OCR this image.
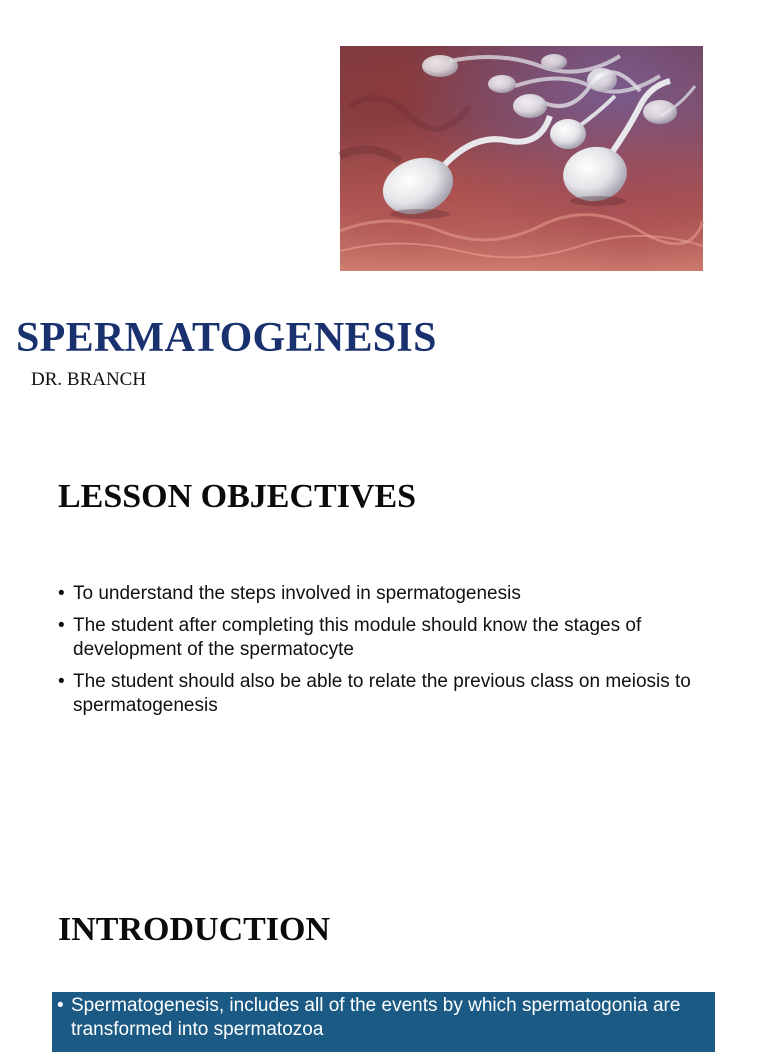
SPERMATOGENESIS

DR. BRANCH

LESSON OBJECTIVES
• To understand the steps involved in spermatogenesis
• The student after completing this module should know the stages of development of the spermatocyte
• The student should also be able to relate the previous class on meiosis to spermatogenesis
INTRODUCTION
• Spermatogenesis, includes all of the events by which spermatogonia are transformed into spermatozoa
